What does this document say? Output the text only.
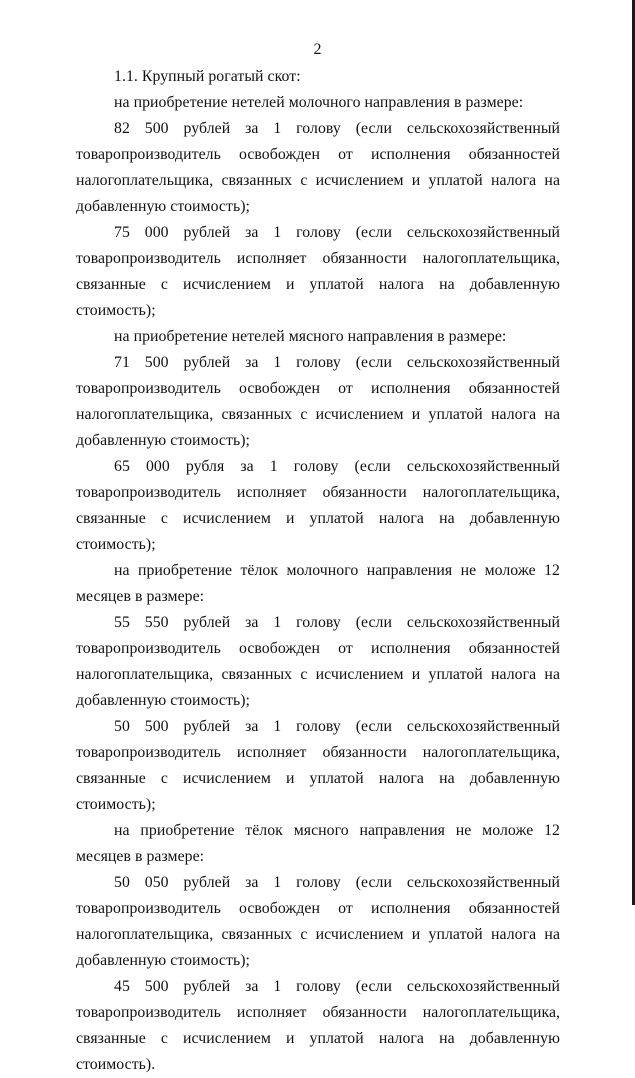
2

1.1. Крупный рогатый скот:

на приобретение нетелей молочного направления в размере:

82 500 рублей за 1 голову (если сельскохозяйственный товаропроизводитель освобожден от исполнения обязанностей налогоплательщика, связанных с исчислением и уплатой налога на добавленную стоимость);

75 000 рублей за 1 голову (если сельскохозяйственный товаропроизводитель исполняет обязанности налогоплательщика, связанные с исчислением и уплатой налога на добавленную стоимость);

на приобретение нетелей мясного направления в размере:

71 500 рублей за 1 голову (если сельскохозяйственный товаропроизводитель освобожден от исполнения обязанностей налогоплательщика, связанных с исчислением и уплатой налога на добавленную стоимость);

65 000 рубля за 1 голову (если сельскохозяйственный товаропроизводитель исполняет обязанности налогоплательщика, связанные с исчислением и уплатой налога на добавленную стоимость);

на приобретение тёлок молочного направления не моложе 12 месяцев в размере:

55 550 рублей за 1 голову (если сельскохозяйственный товаропроизводитель освобожден от исполнения обязанностей налогоплательщика, связанных с исчислением и уплатой налога на добавленную стоимость);

50 500 рублей за 1 голову (если сельскохозяйственный товаропроизводитель исполняет обязанности налогоплательщика, связанные с исчислением и уплатой налога на добавленную стоимость);

на приобретение тёлок мясного направления не моложе 12 месяцев в размере:

50 050 рублей за 1 голову (если сельскохозяйственный товаропроизводитель освобожден от исполнения обязанностей налогоплательщика, связанных с исчислением и уплатой налога на добавленную стоимость);

45 500 рублей за 1 голову (если сельскохозяйственный товаропроизводитель исполняет обязанности налогоплательщика, связанные с исчислением и уплатой налога на добавленную стоимость).
